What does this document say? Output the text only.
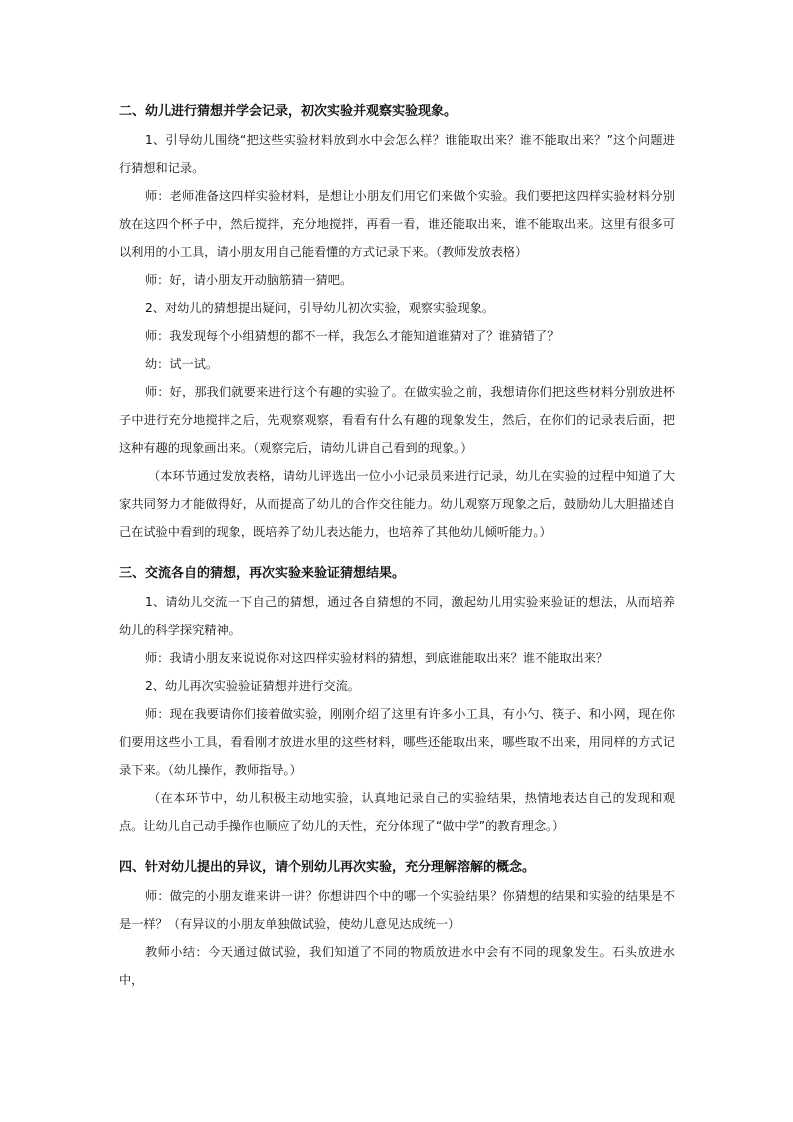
二、幼儿进行猜想并学会记录，初次实验并观察实验现象。

1、引导幼儿围绕“把这些实验材料放到水中会怎么样？谁能取出来？谁不能取出来？”这个问题进行猜想和记录。

师：老师准备这四样实验材料，是想让小朋友们用它们来做个实验。我们要把这四样实验材料分别放在这四个杯子中，然后搅拌，充分地搅拌，再看一看，谁还能取出来，谁不能取出来。这里有很多可以利用的小工具，请小朋友用自己能看懂的方式记录下来。（教师发放表格）

师：好，请小朋友开动脑筋猜一猜吧。

2、对幼儿的猜想提出疑问，引导幼儿初次实验，观察实验现象。

师：我发现每个小组猜想的都不一样，我怎么才能知道谁猜对了？谁猜错了？

幼：试一试。

师：好，那我们就要来进行这个有趣的实验了。在做实验之前，我想请你们把这些材料分别放进杯子中进行充分地搅拌之后，先观察观察，看看有什么有趣的现象发生，然后，在你们的记录表后面，把这种有趣的现象画出来。（观察完后，请幼儿讲自己看到的现象。）

（本环节通过发放表格，请幼儿评选出一位小小记录员来进行记录，幼儿在实验的过程中知道了大家共同努力才能做得好，从而提高了幼儿的合作交往能力。幼儿观察万现象之后，鼓励幼儿大胆描述自己在试验中看到的现象，既培养了幼儿表达能力，也培养了其他幼儿倾听能力。）

三、交流各自的猜想，再次实验来验证猜想结果。

1、请幼儿交流一下自己的猜想，通过各自猜想的不同，激起幼儿用实验来验证的想法，从而培养幼儿的科学探究精神。

师：我请小朋友来说说你对这四样实验材料的猜想，到底谁能取出来？谁不能取出来？

2、幼儿再次实验验证猜想并进行交流。

师：现在我要请你们接着做实验，刚刚介绍了这里有许多小工具，有小勺、筷子、和小网，现在你们要用这些小工具，看看刚才放进水里的这些材料，哪些还能取出来，哪些取不出来，用同样的方式记录下来。（幼儿操作，教师指导。）

（在本环节中，幼儿积极主动地实验，认真地记录自己的实验结果，热情地表达自己的发现和观点。让幼儿自己动手操作也顺应了幼儿的天性，充分体现了“做中学”的教育理念。）

四、针对幼儿提出的异议，请个别幼儿再次实验，充分理解溶解的概念。

师：做完的小朋友谁来讲一讲？你想讲四个中的哪一个实验结果？你猜想的结果和实验的结果是不是一样？（有异议的小朋友单独做试验，使幼儿意见达成统一）

教师小结：今天通过做试验，我们知道了不同的物质放进水中会有不同的现象发生。石头放进水中，
